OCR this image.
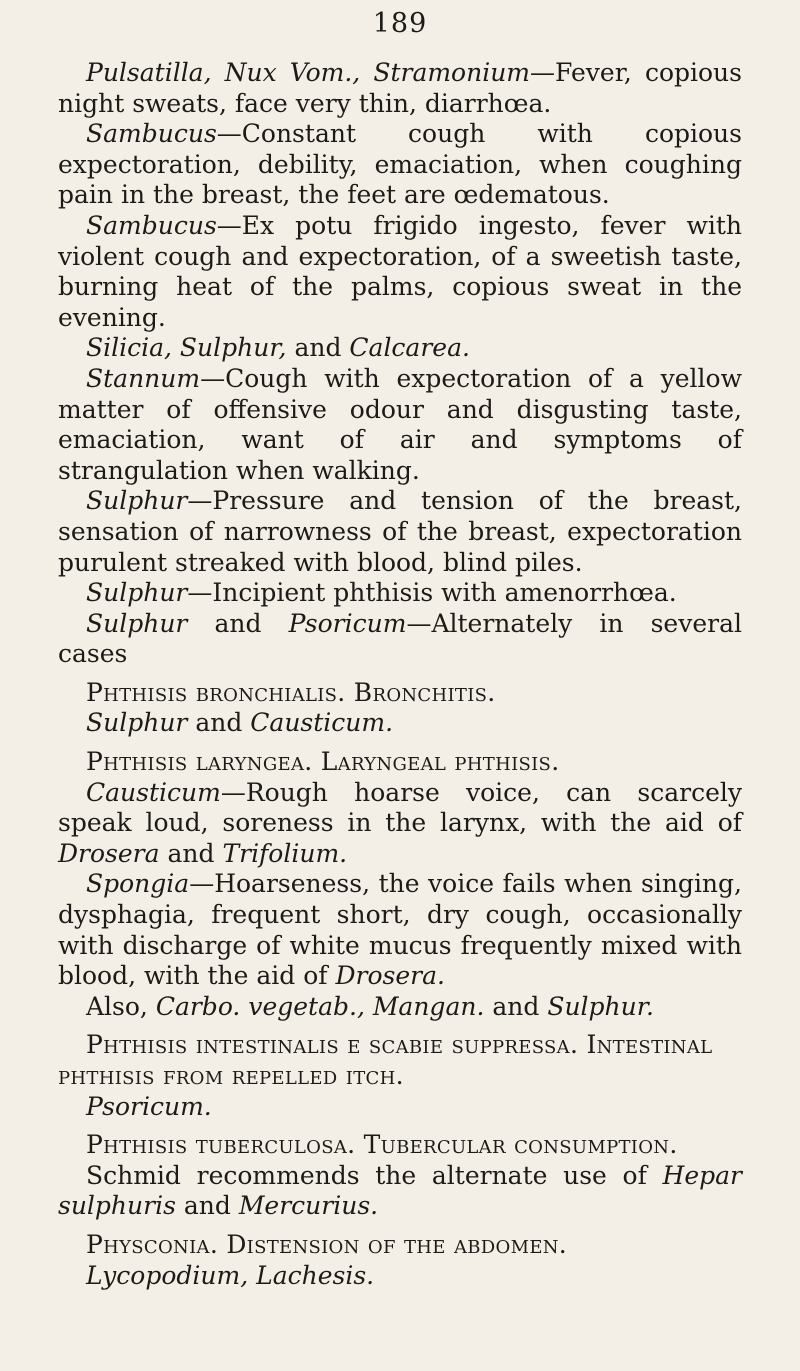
189

Pulsatilla, Nux Vom., Stramonium—Fever, copious night sweats, face very thin, diarrhœa.

Sambucus—Constant cough with copious expectoration, debility, emaciation, when coughing pain in the breast, the feet are œdematous.

Sambucus—Ex potu frigido ingesto, fever with violent cough and expectoration, of a sweetish taste, burning heat of the palms, copious sweat in the evening.

Silicia, Sulphur, and Calcarea.

Stannum—Cough with expectoration of a yellow matter of offensive odour and disgusting taste, emaciation, want of air and symptoms of strangulation when walking.

Sulphur—Pressure and tension of the breast, sensation of narrowness of the breast, expectoration purulent streaked with blood, blind piles.

Sulphur—Incipient phthisis with amenorrhœa.

Sulphur and Psoricum—Alternately in several cases

Phthisis bronchialis. Bronchitis.

Sulphur and Causticum.

Phthisis laryngea. Laryngeal phthisis.

Causticum—Rough hoarse voice, can scarcely speak loud, soreness in the larynx, with the aid of Drosera and Trifolium.

Spongia—Hoarseness, the voice fails when singing, dysphagia, frequent short, dry cough, occasionally with discharge of white mucus frequently mixed with blood, with the aid of Drosera.

Also, Carbo. vegetab., Mangan. and Sulphur.

Phthisis intestinalis e scabie suppressa. Intestinal phthisis from repelled itch.

Psoricum.

Phthisis tuberculosa. Tubercular consumption.

Schmid recommends the alternate use of Hepar sulphuris and Mercurius.

Physconia. Distension of the abdomen.

Lycopodium, Lachesis.
